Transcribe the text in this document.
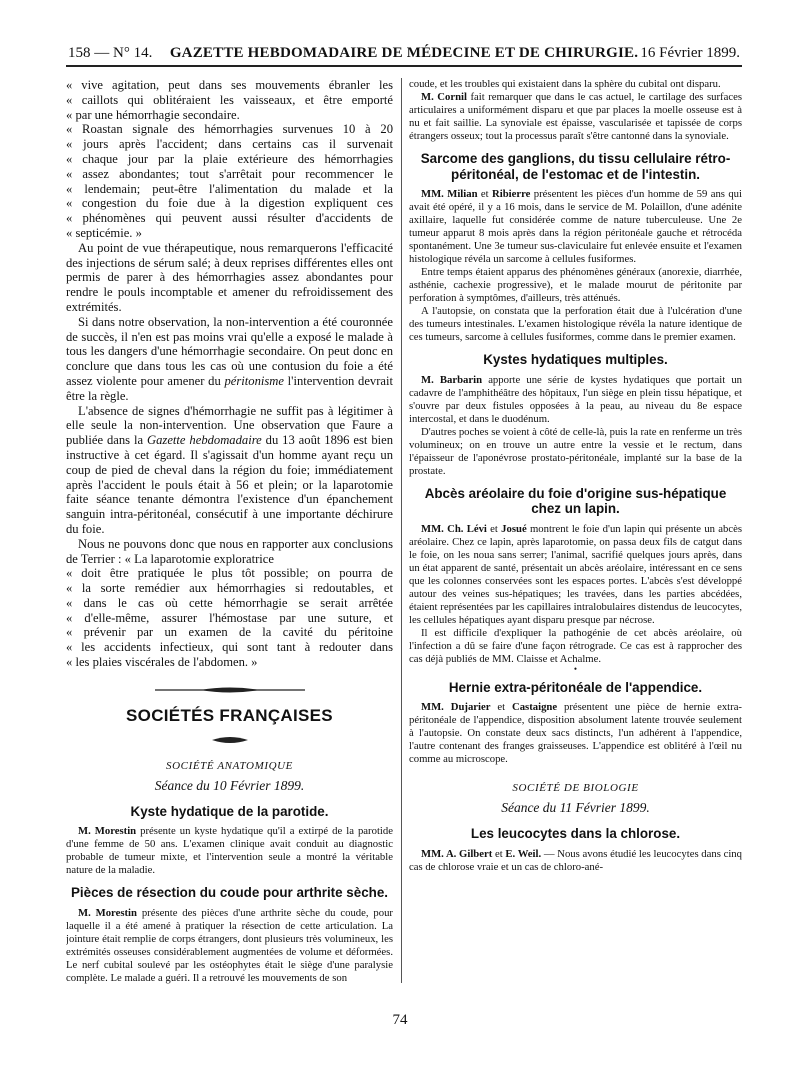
158 — N° 14.	GAZETTE HEBDOMADAIRE DE MÉDECINE ET DE CHIRURGIE. 16 Février 1899.

« vive agitation, peut dans ses mouvements ébranler les

« caillots qui oblitéraient les vaisseaux, et être emporté

« par une hémorrhagie secondaire.

« Roastan signale des hémorrhagies survenues 10 à 20

« jours après l'accident; dans certains cas il survenait

« chaque jour par la plaie extérieure des hémorrhagies

« assez abondantes; tout s'arrêtait pour recommencer le

« lendemain; peut-être l'alimentation du malade et la

« congestion du foie due à la digestion expliquent ces

« phénomènes qui peuvent aussi résulter d'accidents de

« septicémie. »

Au point de vue thérapeutique, nous remarquerons l'efficacité des injections de sérum salé; à deux reprises différentes elles ont permis de parer à des hémorrhagies assez abondantes pour rendre le pouls incomptable et amener du refroidissement des extrémités.

Si dans notre observation, la non-intervention a été couronnée de succès, il n'en est pas moins vrai qu'elle a exposé le malade à tous les dangers d'une hémorrhagie secondaire. On peut donc en conclure que dans tous les cas où une contusion du foie a été assez violente pour amener du péritonisme l'intervention devrait être la règle.

L'absence de signes d'hémorrhagie ne suffit pas à légitimer à elle seule la non-intervention. Une observation que Faure a publiée dans la Gazette hebdomadaire du 13 août 1896 est bien instructive à cet égard. Il s'agissait d'un homme ayant reçu un coup de pied de cheval dans la région du foie; immédiatement après l'accident le pouls était à 56 et plein; or la laparotomie faite séance tenante démontra l'existence d'un épanchement sanguin intra-péritonéal, consécutif à une importante déchirure du foie.

Nous ne pouvons donc que nous en rapporter aux conclusions de Terrier : « La laparotomie exploratrice

« doit être pratiquée le plus tôt possible; on pourra de

« la sorte remédier aux hémorrhagies si redoutables, et

« dans le cas où cette hémorrhagie se serait arrêtée

« d'elle-même, assurer l'hémostase par une suture, et

« prévenir par un examen de la cavité du péritoine

« les accidents infectieux, qui sont tant à redouter dans

« les plaies viscérales de l'abdomen. »

SOCIÉTÉS FRANÇAISES
SOCIÉTÉ ANATOMIQUE
Séance du 10 Février 1899.
Kyste hydatique de la parotide.

M. Morestin présente un kyste hydatique qu'il a extirpé de la parotide d'une femme de 50 ans. L'examen clinique avait conduit au diagnostic probable de tumeur mixte, et l'intervention seule a montré la véritable nature de la maladie.

Pièces de résection du coude pour arthrite sèche.

M. Morestin présente des pièces d'une arthrite sèche du coude, pour laquelle il a été amené à pratiquer la résection de cette articulation. La jointure était remplie de corps étrangers, dont plusieurs très volumineux, les extrémités osseuses considérablement augmentées de volume et déformées. Le nerf cubital soulevé par les ostéophytes était le siège d'une paralysie complète. Le malade a guéri. Il a retrouvé les mouvements de son

coude, et les troubles qui existaient dans la sphère du cubital ont disparu.

M. Cornil fait remarquer que dans le cas actuel, le cartilage des surfaces articulaires a uniformément disparu et que par places la moelle osseuse est à nu et fait saillie. La synoviale est épaisse, vascularisée et tapissée de corps étrangers osseux; tout la processus paraît s'être cantonné dans la synoviale.

Sarcome des ganglions, du tissu cellulaire rétro-péritonéal, de l'estomac et de l'intestin.

MM. Milian et Ribierre présentent les pièces d'un homme de 59 ans qui avait été opéré, il y a 16 mois, dans le service de M. Polaillon, d'une adénite axillaire, laquelle fut considérée comme de nature tuberculeuse. Une 2e tumeur apparut 8 mois après dans la région péritonéale gauche et rétrocéda spontanément. Une 3e tumeur sus-claviculaire fut enlevée ensuite et l'examen histologique révéla un sarcome à cellules fusiformes.

Entre temps étaient apparus des phénomènes généraux (anorexie, diarrhée, asthénie, cachexie progressive), et le malade mourut de péritonite par perforation à symptômes, d'ailleurs, très atténués.

A l'autopsie, on constata que la perforation était due à l'ulcération d'une des tumeurs intestinales. L'examen histologique révéla la nature identique de ces tumeurs, sarcome à cellules fusiformes, comme dans le premier examen.

Kystes hydatiques multiples.

M. Barbarin apporte une série de kystes hydatiques que portait un cadavre de l'amphithéâtre des hôpitaux, l'un siège en plein tissu hépatique, et s'ouvre par deux fistules opposées à la peau, au niveau du 8e espace intercostal, et dans le duodénum.

D'autres poches se voient à côté de celle-là, puis la rate en renferme un très volumineux; on en trouve un autre entre la vessie et le rectum, dans l'épaisseur de l'aponévrose prostato-péritonéale, implanté sur la base de la prostate.

Abcès aréolaire du foie d'origine sus-hépatique chez un lapin.

MM. Ch. Lévi et Josué montrent le foie d'un lapin qui présente un abcès aréolaire. Chez ce lapin, après laparotomie, on passa deux fils de catgut dans le foie, on les noua sans serrer; l'animal, sacrifié quelques jours après, dans un état apparent de santé, présentait un abcès aréolaire, intéressant en ce sens que les colonnes conservées sont les espaces portes. L'abcès s'est développé autour des veines sus-hépatiques; les travées, dans les parties abcédées, étaient représentées par les capillaires intralobulaires distendus de leucocytes, les cellules hépatiques ayant disparu presque par nécrose.

Il est difficile d'expliquer la pathogénie de cet abcès aréolaire, où l'infection a dû se faire d'une façon rétrograde. Ce cas est à rapprocher des cas déjà publiés de MM. Claisse et Achalme.

•

Hernie extra-péritonéale de l'appendice.

MM. Dujarier et Castaigne présentent une pièce de hernie extra-péritonéale de l'appendice, disposition absolument latente trouvée seulement à l'autopsie. On constate deux sacs distincts, l'un adhérent à l'appendice, l'autre contenant des franges graisseuses. L'appendice est oblitéré à l'œil nu comme au microscope.

SOCIÉTÉ DE BIOLOGIE
Séance du 11 Février 1899.
Les leucocytes dans la chlorose.

MM. A. Gilbert et E. Weil. — Nous avons étudié les leucocytes dans cinq cas de chlorose vraie et un cas de chloro-ané-

74
